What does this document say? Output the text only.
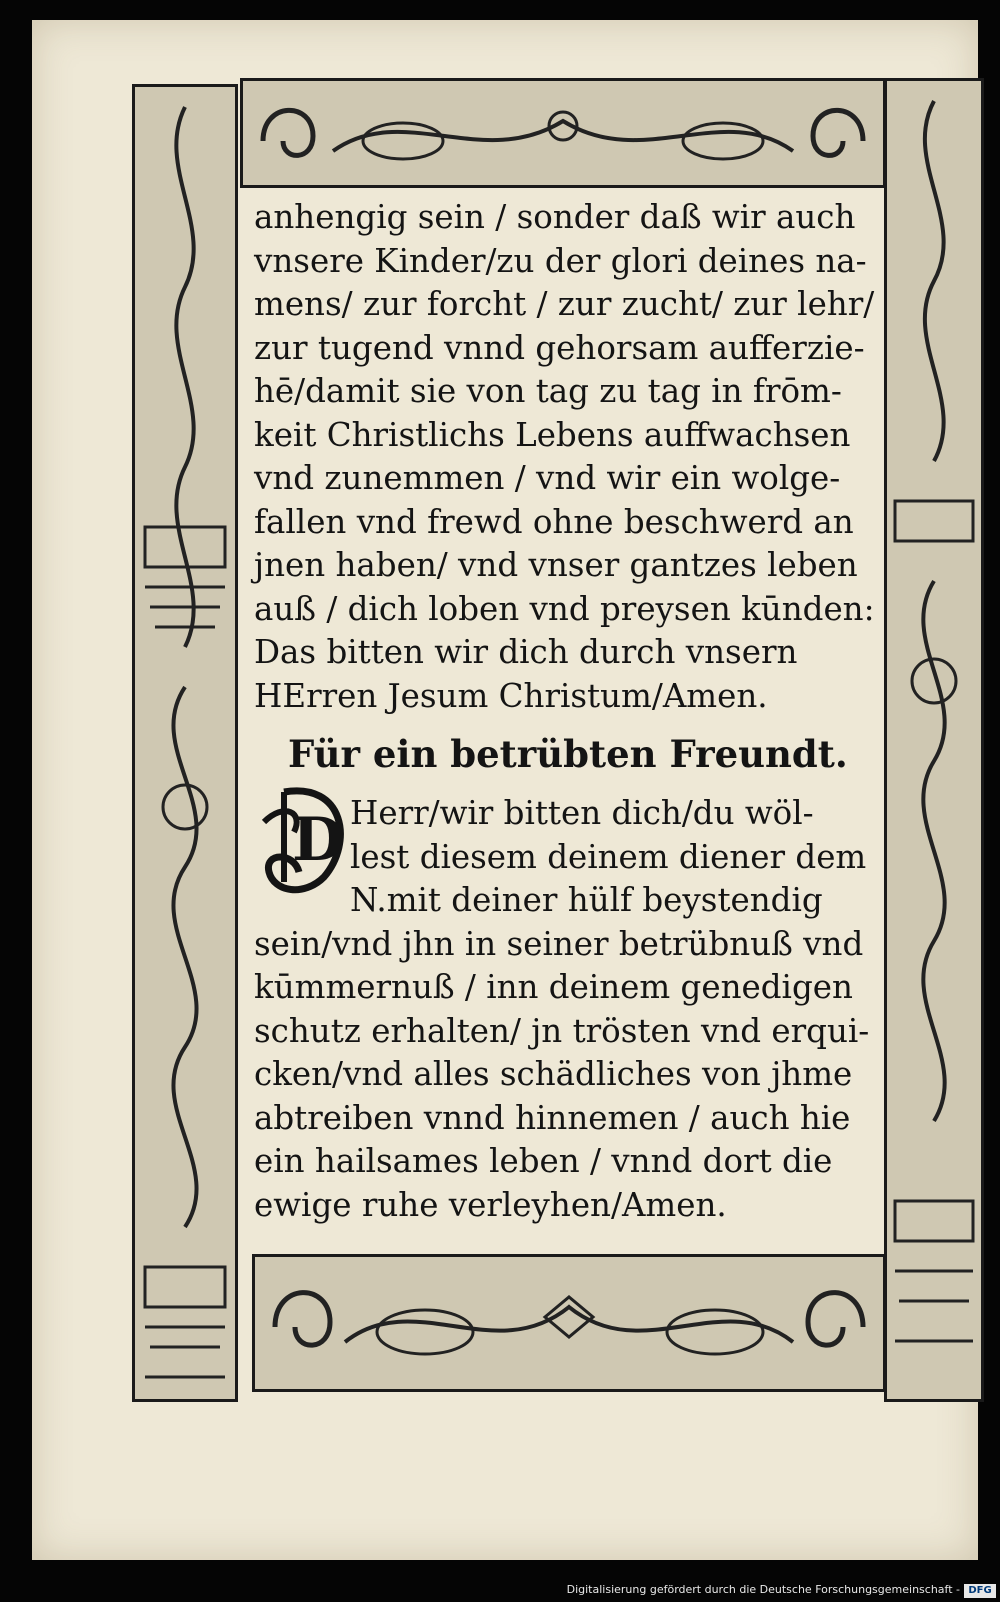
anhengig sein / sonder daß wir auch
vnsere Kinder/zu der glori deines na-
mens/ zur forcht / zur zucht/ zur lehr/
zur tugend vnnd gehorsam aufferzie-
hē/damit sie von tag zu tag in frōm-
keit Christlichs Lebens auffwachsen
vnd zunemmen / vnd wir ein wolge-
fallen vnd frewd ohne beschwerd an
jnen haben/ vnd vnser gantzes leben
auß / dich loben vnd preysen kūnden:
Das bitten wir dich durch vnsern
HErren Jesum Christum/Amen.
Für ein betrübten Freundt.
D Herr/wir bitten dich/du wöl-
lest diesem deinem diener dem
N.mit deiner hülf beystendig
sein/vnd jhn in seiner betrübnuß vnd
kūmmernuß / inn deinem genedigen
schutz erhalten/ jn trösten vnd erqui-
cken/vnd alles schädliches von jhme
abtreiben vnnd hinnemen / auch hie
ein hailsames leben / vnnd dort die
ewige ruhe verleyhen/Amen.
Digitalisierung gefördert durch die Deutsche Forschungsgemeinschaft - DFG
